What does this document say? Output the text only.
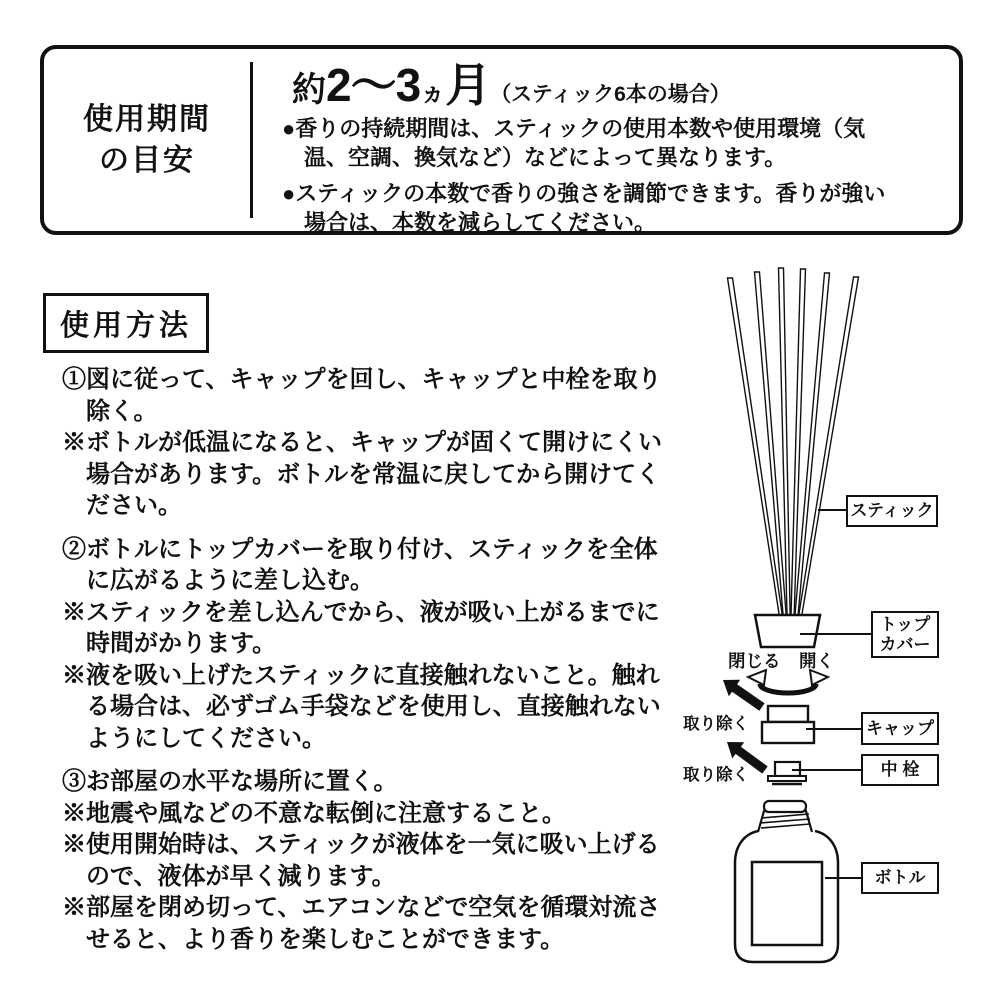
使用期間
の目安
約2〜3ヵ月（スティック6本の場合）

●香りの持続期間は、スティックの使用本数や使用環境（気温、空調、換気など）などによって異なります。

●スティックの本数で香りの強さを調節できます。香りが強い場合は、本数を減らしてください。

使用方法

①図に従って、キャップを回し、キャップと中栓を取り除く。

※ボトルが低温になると、キャップが固くて開けにくい場合があります。ボトルを常温に戻してから開けてください。

②ボトルにトップカバーを取り付け、スティックを全体に広がるように差し込む。

※スティックを差し込んでから、液が吸い上がるまでに時間がかります。

※液を吸い上げたスティックに直接触れないこと。触れる場合は、必ずゴム手袋などを使用し、直接触れないようにしてください。

③お部屋の水平な場所に置く。

※地震や風などの不意な転倒に注意すること。

※使用開始時は、スティックが液体を一気に吸い上げるので、液体が早く減ります。

※部屋を閉め切って、エアコンなどで空気を循環対流させると、より香りを楽しむことができます。

スティック
トップ
カバー
キャップ
中 栓
ボトル
閉じる 開く
取り除く
取り除く
